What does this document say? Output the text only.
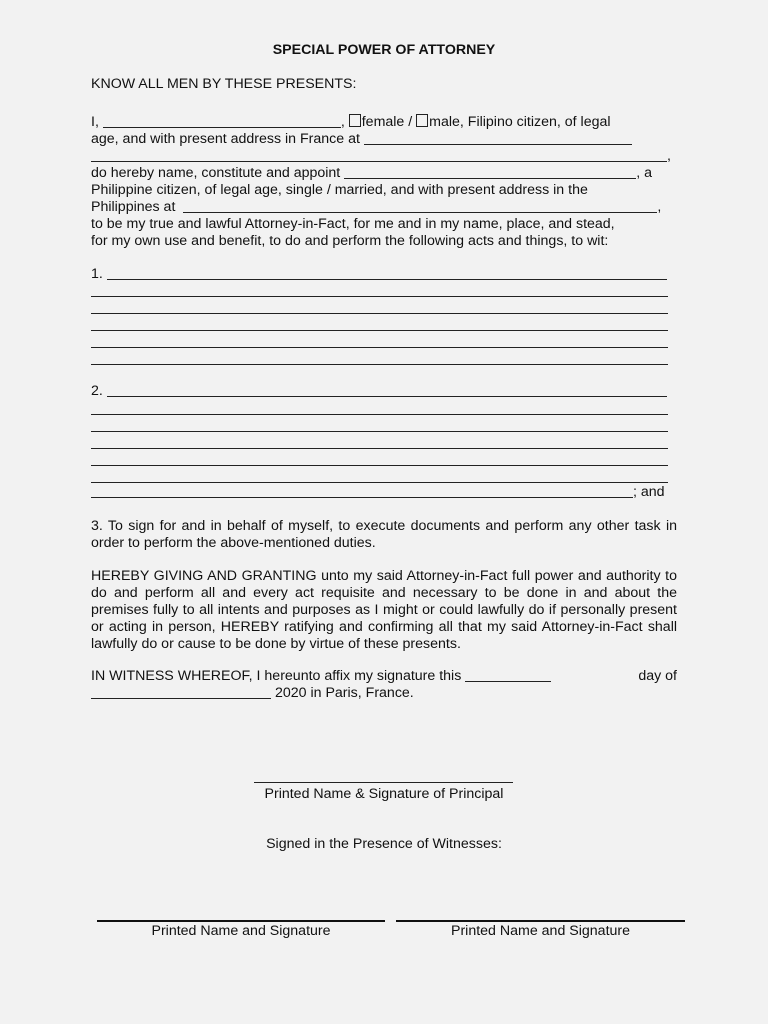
SPECIAL POWER OF ATTORNEY
KNOW ALL MEN BY THESE PRESENTS:
I,	, female / male, Filipino citizen, of legal
age, and with present address in France at
,
do hereby name, constitute and appoint	, a
Philippine citizen, of legal age, single / married, and with present address in the
Philippines at	,
to be my true and lawful Attorney-in-Fact, for me and in my name, place, and stead,
for my own use and benefit, to do and perform the following acts and things, to wit:
1.
2.
; and
3. To sign for and in behalf of myself, to execute documents and perform any other task in order to perform the above-mentioned duties.
HEREBY GIVING AND GRANTING unto my said Attorney-in-Fact full power and authority to do and perform all and every act requisite and necessary to be done in and about the premises fully to all intents and purposes as I might or could lawfully do if personally present or acting in person, HEREBY ratifying and confirming all that my said Attorney-in-Fact shall lawfully do or cause to be done by virtue of these presents.
IN WITNESS WHEREOF, I hereunto affix my signature this	day of
2020 in Paris, France.
Printed Name & Signature of Principal
Signed in the Presence of Witnesses:
Printed Name and Signature	Printed Name and Signature
